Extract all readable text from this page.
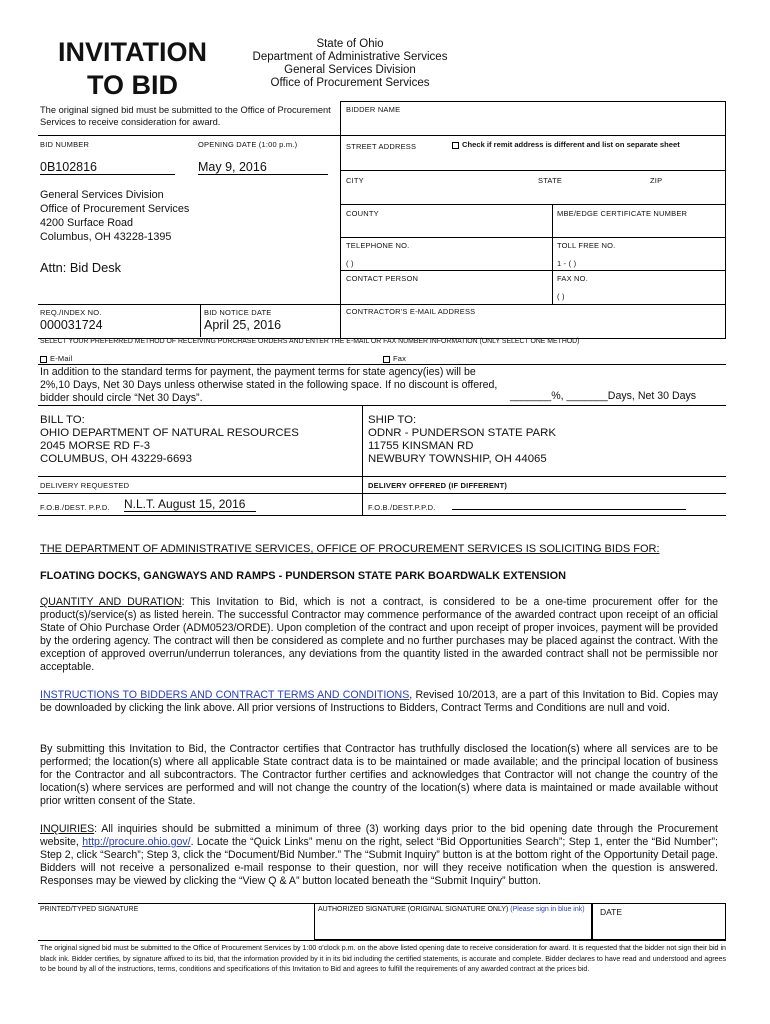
INVITATION
TO BID
State of Ohio
Department of Administrative Services
General Services Division
Office of Procurement Services
BIDDER NAME
STREET ADDRESS	Check if remit address is different and list on separate sheet
CITY	STATE	ZIP
COUNTY	MBE/EDGE CERTIFICATE NUMBER
TELEPHONE NO.	TOLL FREE NO.
( )	1 - ( )
CONTACT PERSON	FAX NO.
( )
CONTRACTOR'S E-MAIL ADDRESS
The original signed bid must be submitted to the Office of Procurement Services to receive consideration for award.
BID NUMBER	OPENING DATE (1:00 p.m.)
0B102816	May 9, 2016
General Services Division
Office of Procurement Services
4200 Surface Road
Columbus, OH 43228-1395
Attn: Bid Desk
REQ./INDEX NO.	BID NOTICE DATE
000031724	April 25, 2016
SELECT YOUR PREFERRED METHOD OF RECEIVING PURCHASE ORDERS AND ENTER THE E-MAIL OR FAX NUMBER INFORMATION (ONLY SELECT ONE METHOD)
E-Mail	Fax
In addition to the standard terms for payment, the payment terms for state agency(ies) will be 2%,10 Days, Net 30 Days unless otherwise stated in the following space. If no discount is offered, bidder should circle “Net 30 Days”.	_______%, _______Days, Net 30 Days
BILL TO:
OHIO DEPARTMENT OF NATURAL RESOURCES
2045 MORSE RD F-3
COLUMBUS, OH 43229-6693
SHIP TO:
ODNR - PUNDERSON STATE PARK
11755 KINSMAN RD
NEWBURY TOWNSHIP, OH 44065
DELIVERY REQUESTED	DELIVERY OFFERED (IF DIFFERENT)
F.O.B./DEST. P.P.D. N.L.T. August 15, 2016	F.O.B./DEST.P.P.D.
THE DEPARTMENT OF ADMINISTRATIVE SERVICES, OFFICE OF PROCUREMENT SERVICES IS SOLICITING BIDS FOR:
FLOATING DOCKS, GANGWAYS AND RAMPS - PUNDERSON STATE PARK BOARDWALK EXTENSION
QUANTITY AND DURATION: This Invitation to Bid, which is not a contract, is considered to be a one-time procurement offer for the product(s)/service(s) as listed herein. The successful Contractor may commence performance of the awarded contract upon receipt of an official State of Ohio Purchase Order (ADM0523/ORDE). Upon completion of the contract and upon receipt of proper invoices, payment will be provided by the ordering agency. The contract will then be considered as complete and no further purchases may be placed against the contract. With the exception of approved overrun/underrun tolerances, any deviations from the quantity listed in the awarded contract shall not be permissible nor acceptable.
INSTRUCTIONS TO BIDDERS AND CONTRACT TERMS AND CONDITIONS, Revised 10/2013, are a part of this Invitation to Bid. Copies may be downloaded by clicking the link above. All prior versions of Instructions to Bidders, Contract Terms and Conditions are null and void.
By submitting this Invitation to Bid, the Contractor certifies that Contractor has truthfully disclosed the location(s) where all services are to be performed; the location(s) where all applicable State contract data is to be maintained or made available; and the principal location of business for the Contractor and all subcontractors. The Contractor further certifies and acknowledges that Contractor will not change the country of the location(s) where services are performed and will not change the country of the location(s) where data is maintained or made available without prior written consent of the State.
INQUIRIES: All inquiries should be submitted a minimum of three (3) working days prior to the bid opening date through the Procurement website, http://procure.ohio.gov/. Locate the “Quick Links” menu on the right, select “Bid Opportunities Search”; Step 1, enter the “Bid Number”; Step 2, click “Search”; Step 3, click the “Document/Bid Number.” The “Submit Inquiry” button is at the bottom right of the Opportunity Detail page. Bidders will not receive a personalized e-mail response to their question, nor will they receive notification when the question is answered. Responses may be viewed by clicking the “View Q & A” button located beneath the “Submit Inquiry” button.
PRINTED/TYPED SIGNATURE	AUTHORIZED SIGNATURE (ORIGINAL SIGNATURE ONLY) (Please sign in blue ink) DATE
The original signed bid must be submitted to the Office of Procurement Services by 1:00 o'clock p.m. on the above listed opening date to receive consideration for award. It is requested that the bidder not sign their bid in black ink. Bidder certifies, by signature affixed to its bid, that the information provided by it in its bid including the certified statements, is accurate and complete. Bidder declares to have read and understood and agrees to be bound by all of the instructions, terms, conditions and specifications of this Invitation to Bid and agrees to fulfill the requirements of any awarded contract at the prices bid.
